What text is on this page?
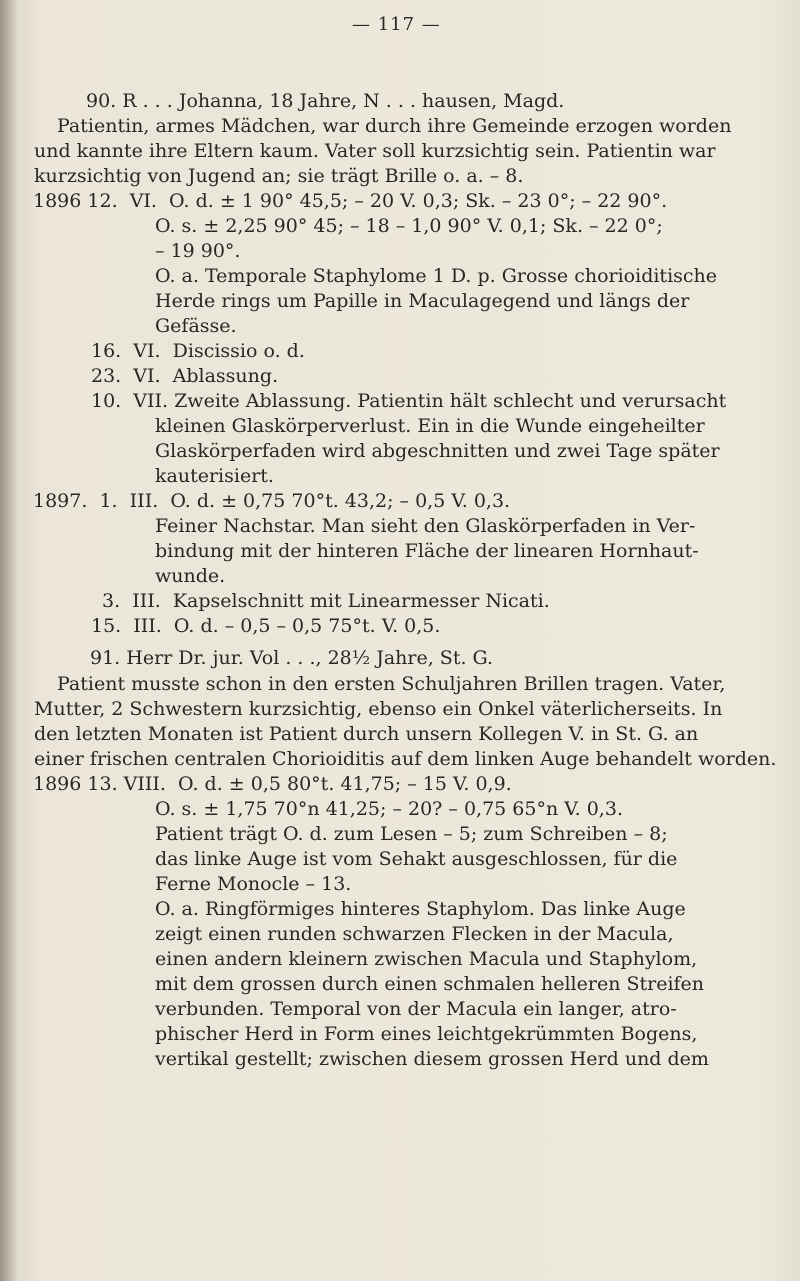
— 117 —
90. R . . . Johanna, 18 Jahre, N . . . hausen, Magd.
Patientin, armes Mädchen, war durch ihre Gemeinde erzogen worden
und kannte ihre Eltern kaum. Vater soll kurzsichtig sein. Patientin war
kurzsichtig von Jugend an; sie trägt Brille o. a. – 8.
1896 12.  VI.  O. d. ± 1 90° 45,5; – 20 V. 0,3; Sk. – 23 0°; – 22 90°.
O. s. ± 2,25 90° 45; – 18 – 1,0 90° V. 0,1; Sk. – 22 0°;
– 19 90°.
O. a. Temporale Staphylome 1 D. p. Grosse chorioiditische
Herde rings um Papille in Maculagegend und längs der
Gefässe.
16.  VI.  Discissio o. d.
23.  VI.  Ablassung.
10.  VII. Zweite Ablassung. Patientin hält schlecht und verursacht
kleinen Glaskörperverlust. Ein in die Wunde eingeheilter
Glaskörperfaden wird abgeschnitten und zwei Tage später
kauterisiert.
1897.  1.  III.  O. d. ± 0,75 70°t. 43,2; – 0,5 V. 0,3.
Feiner Nachstar. Man sieht den Glaskörperfaden in Ver-
bindung mit der hinteren Fläche der linearen Hornhaut-
wunde.
3.  III.  Kapselschnitt mit Linearmesser Nicati.
15.  III.  O. d. – 0,5 – 0,5 75°t. V. 0,5.
91. Herr Dr. jur. Vol . . ., 28½ Jahre, St. G.
Patient musste schon in den ersten Schuljahren Brillen tragen. Vater,
Mutter, 2 Schwestern kurzsichtig, ebenso ein Onkel väterlicherseits. In
den letzten Monaten ist Patient durch unsern Kollegen V. in St. G. an
einer frischen centralen Chorioiditis auf dem linken Auge behandelt worden.
1896 13. VIII.  O. d. ± 0,5 80°t. 41,75; – 15 V. 0,9.
O. s. ± 1,75 70°n 41,25; – 20? – 0,75 65°n V. 0,3.
Patient trägt O. d. zum Lesen – 5; zum Schreiben – 8;
das linke Auge ist vom Sehakt ausgeschlossen, für die
Ferne Monocle – 13.
O. a. Ringförmiges hinteres Staphylom. Das linke Auge
zeigt einen runden schwarzen Flecken in der Macula,
einen andern kleinern zwischen Macula und Staphylom,
mit dem grossen durch einen schmalen helleren Streifen
verbunden. Temporal von der Macula ein langer, atro-
phischer Herd in Form eines leichtgekrümmten Bogens,
vertikal gestellt; zwischen diesem grossen Herd und dem
